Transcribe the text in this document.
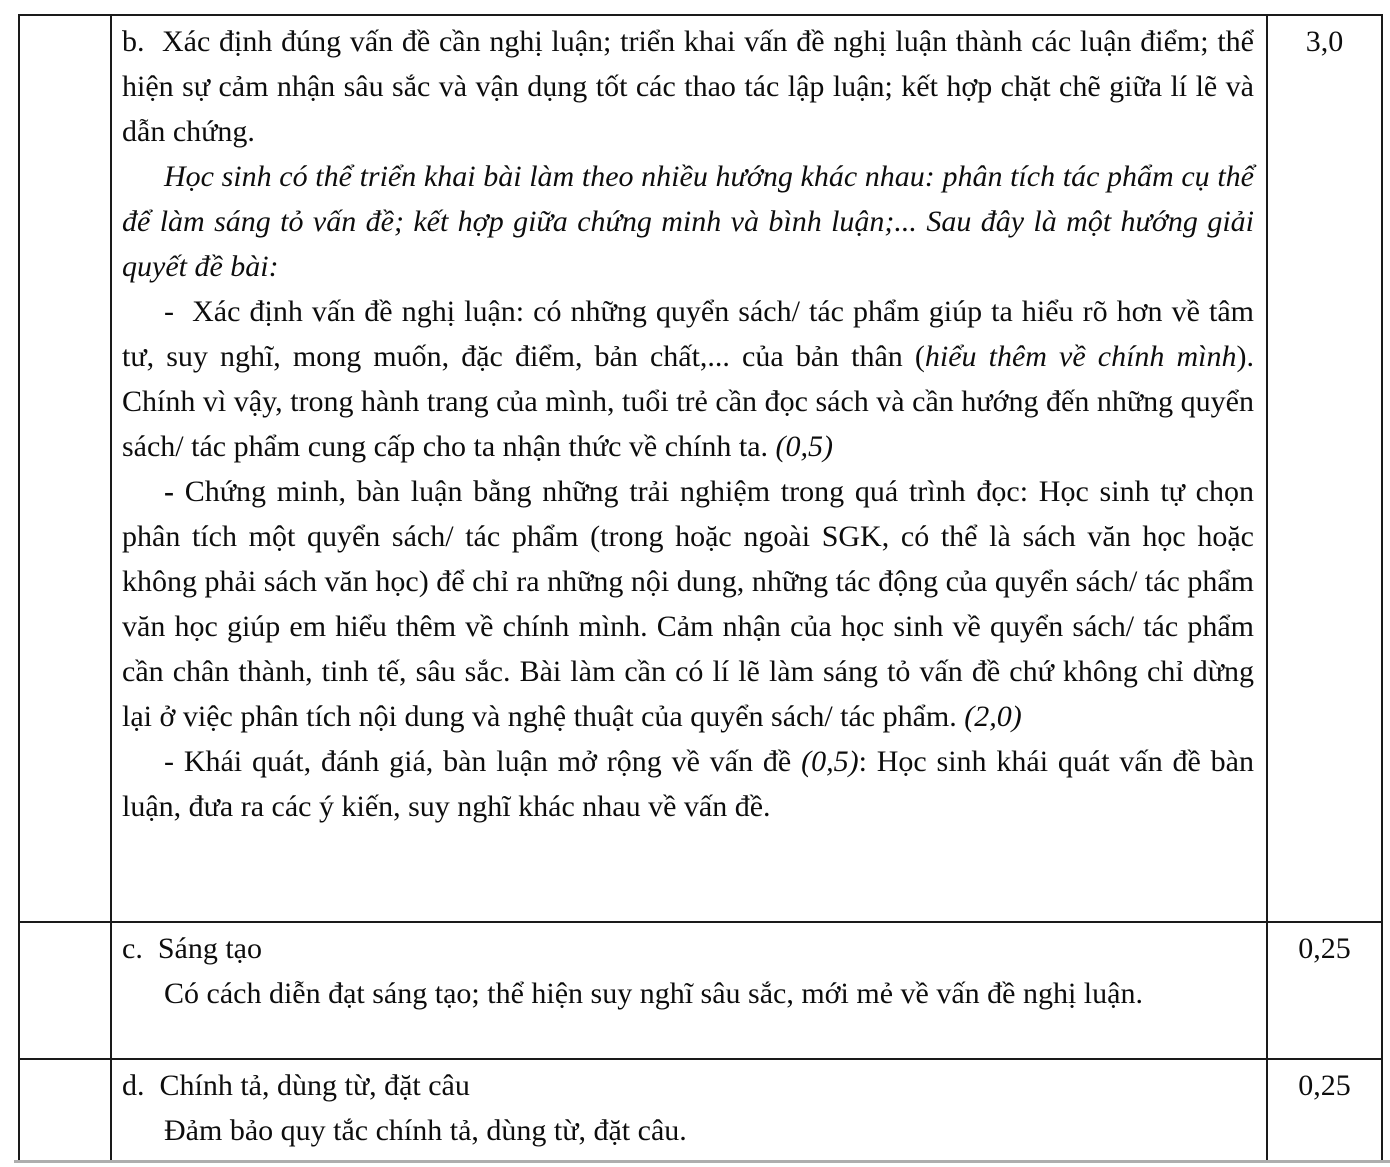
b.  Xác định đúng vấn đề cần nghị luận; triển khai vấn đề nghị luận thành các luận điểm; thể hiện sự cảm nhận sâu sắc và vận dụng tốt các thao tác lập luận; kết hợp chặt chẽ giữa lí lẽ và dẫn chứng.
Học sinh có thể triển khai bài làm theo nhiều hướng khác nhau: phân tích tác phẩm cụ thể để làm sáng tỏ vấn đề; kết hợp giữa chứng minh và bình luận;... Sau đây là một hướng giải quyết đề bài:
-  Xác định vấn đề nghị luận: có những quyển sách/ tác phẩm giúp ta hiểu rõ hơn về tâm tư, suy nghĩ, mong muốn, đặc điểm, bản chất,... của bản thân (hiểu thêm về chính mình). Chính vì vậy, trong hành trang của mình, tuổi trẻ cần đọc sách và cần hướng đến những quyển sách/ tác phẩm cung cấp cho ta nhận thức về chính ta. (0,5)
- Chứng minh, bàn luận bằng những trải nghiệm trong quá trình đọc: Học sinh tự chọn phân tích một quyển sách/ tác phẩm (trong hoặc ngoài SGK, có thể là sách văn học hoặc không phải sách văn học) để chỉ ra những nội dung, những tác động của quyển sách/ tác phẩm văn học giúp em hiểu thêm về chính mình. Cảm nhận của học sinh về quyển sách/ tác phẩm cần chân thành, tinh tế, sâu sắc. Bài làm cần có lí lẽ làm sáng tỏ vấn đề chứ không chỉ dừng lại ở việc phân tích nội dung và nghệ thuật của quyển sách/ tác phẩm. (2,0)
- Khái quát, đánh giá, bàn luận mở rộng về vấn đề (0,5): Học sinh khái quát vấn đề bàn luận, đưa ra các ý kiến, suy nghĩ khác nhau về vấn đề.
3,0
c.  Sáng tạo
Có cách diễn đạt sáng tạo; thể hiện suy nghĩ sâu sắc, mới mẻ về vấn đề nghị luận.
0,25
d.  Chính tả, dùng từ, đặt câu
Đảm bảo quy tắc chính tả, dùng từ, đặt câu.
0,25
